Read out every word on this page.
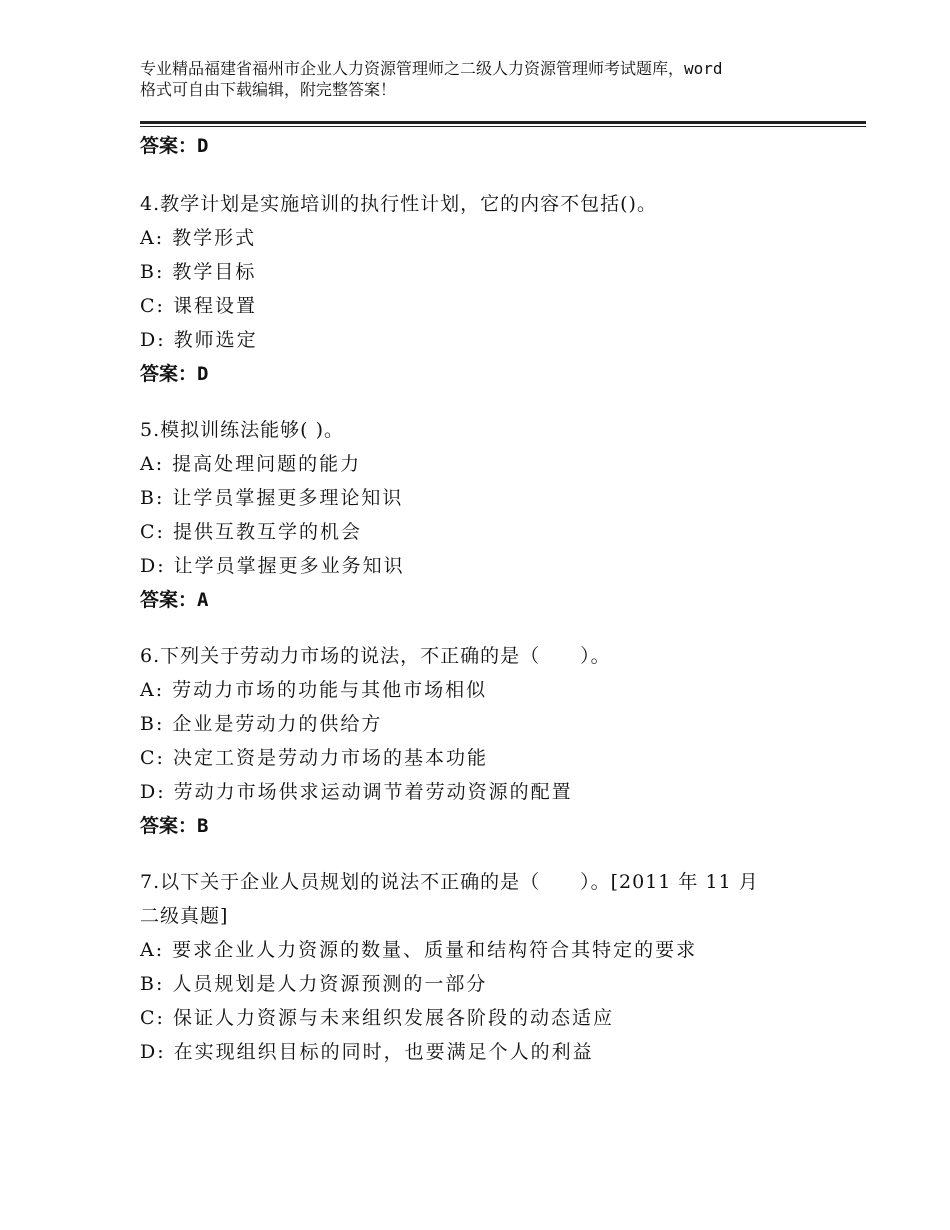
专业精品福建省福州市企业人力资源管理师之二级人力资源管理师考试题库，word
格式可自由下载编辑，附完整答案！
答案：D
4.教学计划是实施培训的执行性计划，它的内容不包括()。
A: 教学形式
B: 教学目标
C: 课程设置
D: 教师选定
答案：D
5.模拟训练法能够( )。
A: 提高处理问题的能力
B: 让学员掌握更多理论知识
C: 提供互教互学的机会
D: 让学员掌握更多业务知识
答案：A
6.下列关于劳动力市场的说法，不正确的是（　　）。
A: 劳动力市场的功能与其他市场相似
B: 企业是劳动力的供给方
C: 决定工资是劳动力市场的基本功能
D: 劳动力市场供求运动调节着劳动资源的配置
答案：B
7.以下关于企业人员规划的说法不正确的是（　　）。[2011 年 11 月
二级真题]
A: 要求企业人力资源的数量、质量和结构符合其特定的要求
B: 人员规划是人力资源预测的一部分
C: 保证人力资源与未来组织发展各阶段的动态适应
D: 在实现组织目标的同时，也要满足个人的利益
